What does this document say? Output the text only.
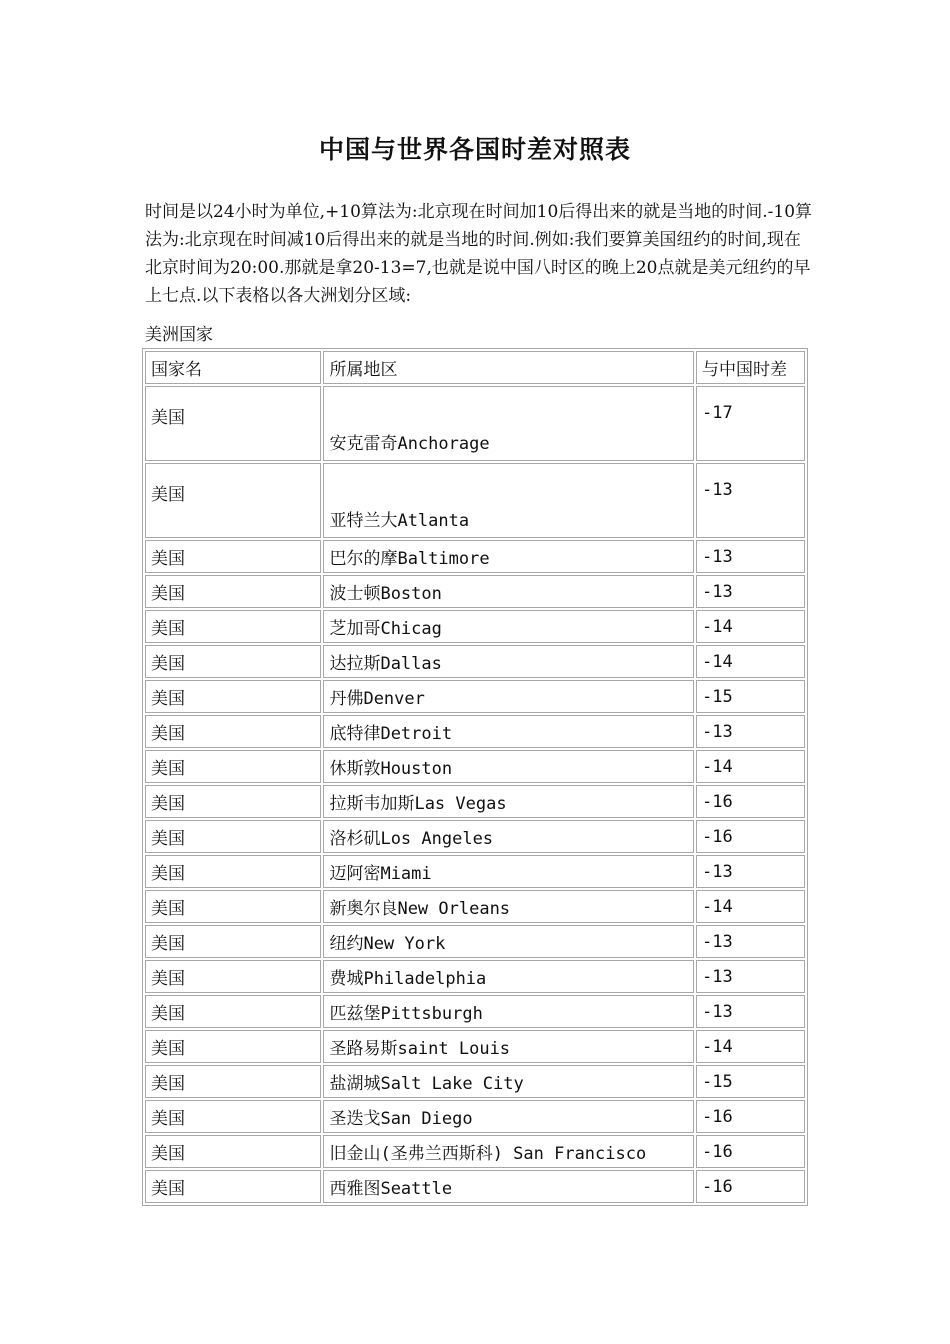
中国与世界各国时差对照表

时间是以24小时为单位,+10算法为:北京现在时间加10后得出来的就是当地的时间.-10算法为:北京现在时间减10后得出来的就是当地的时间.例如:我们要算美国纽约的时间,现在北京时间为20:00.那就是拿20-13=7,也就是说中国八时区的晚上20点就是美元纽约的早上七点.以下表格以各大洲划分区域:

美洲国家
国家名	所属地区	与中国时差
美国	安克雷奇Anchorage	-17
美国	亚特兰大Atlanta	-13
美国	巴尔的摩Baltimore	-13
美国	波士顿Boston	-13
美国	芝加哥Chicag	-14
美国	达拉斯Dallas	-14
美国	丹佛Denver	-15
美国	底特律Detroit	-13
美国	休斯敦Houston	-14
美国	拉斯韦加斯Las Vegas	-16
美国	洛杉矶Los Angeles	-16
美国	迈阿密Miami	-13
美国	新奥尔良New Orleans	-14
美国	纽约New York	-13
美国	费城Philadelphia	-13
美国	匹兹堡Pittsburgh	-13
美国	圣路易斯saint Louis	-14
美国	盐湖城Salt Lake City	-15
美国	圣迭戈San Diego	-16
美国	旧金山(圣弗兰西斯科) San Francisco	-16
美国	西雅图Seattle	-16
